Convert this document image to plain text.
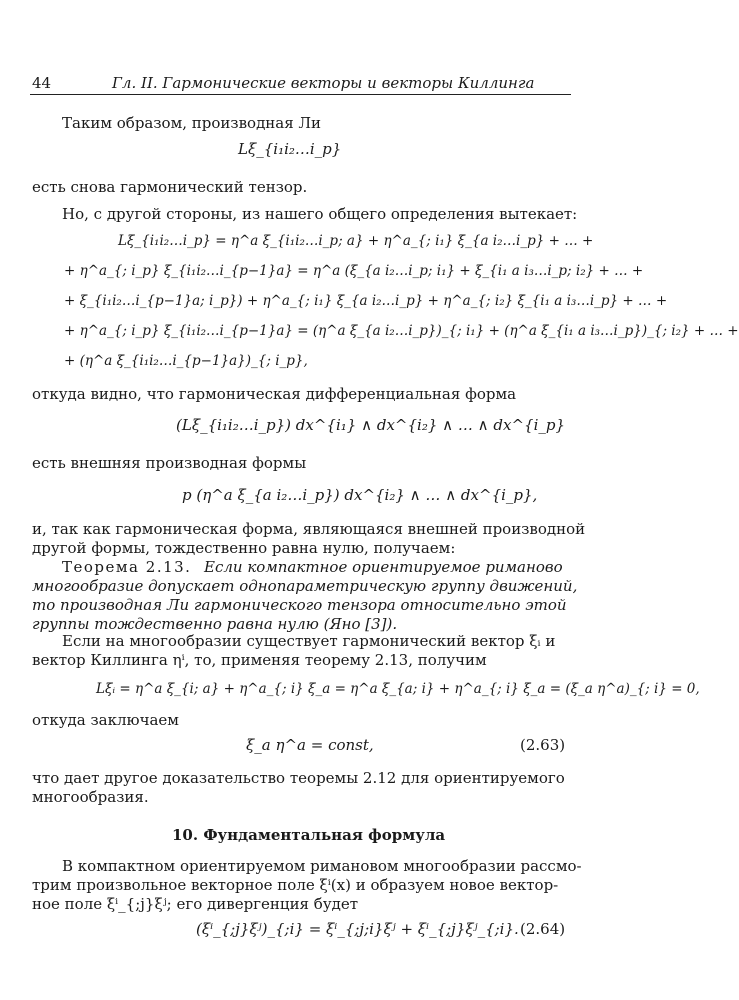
44	Гл. II. Гармонические векторы и векторы Киллинга
Таким образом, производная Ли
Lξ_{i₁i₂…i_p}
есть снова гармонический тензор.
Но, с другой стороны, из нашего общего определения вытекает:
Lξ_{i₁i₂…i_p} = η^a ξ_{i₁i₂…i_p; a} + η^a_{; i₁} ξ_{a i₂…i_p} + … +
+ η^a_{; i_p} ξ_{i₁i₂…i_{p−1}a} = η^a (ξ_{a i₂…i_p; i₁} + ξ_{i₁ a i₃…i_p; i₂} + … +
+ ξ_{i₁i₂…i_{p−1}a; i_p}) + η^a_{; i₁} ξ_{a i₂…i_p} + η^a_{; i₂} ξ_{i₁ a i₃…i_p} + … +
+ η^a_{; i_p} ξ_{i₁i₂…i_{p−1}a} = (η^a ξ_{a i₂…i_p})_{; i₁} + (η^a ξ_{i₁ a i₃…i_p})_{; i₂} + … +
+ (η^a ξ_{i₁i₂…i_{p−1}a})_{; i_p},
откуда видно, что гармоническая дифференциальная форма
(Lξ_{i₁i₂…i_p}) dx^{i₁} ∧ dx^{i₂} ∧ … ∧ dx^{i_p}
есть внешняя производная формы
p (η^a ξ_{a i₂…i_p}) dx^{i₂} ∧ … ∧ dx^{i_p},
и, так как гармоническая форма, являющаяся внешней производной
другой формы, тождественно равна нулю, получаем:
Теорема 2.13. Если компактное ориентируемое риманово
многообразие допускает однопараметрическую группу движений,
то производная Ли гармонического тензора относительно этой
группы тождественно равна нулю (Яно [3]).
Если на многообразии существует гармонический вектор ξᵢ и
вектор Киллинга ηⁱ, то, применяя теорему 2.13, получим
Lξᵢ = η^a ξ_{i; a} + η^a_{; i} ξ_a = η^a ξ_{a; i} + η^a_{; i} ξ_a = (ξ_a η^a)_{; i} = 0,
откуда заключаем
ξ_a η^a = const,	(2.63)
что дает другое доказательство теоремы 2.12 для ориентируемого
многообразия.
10. Фундаментальная формула
В компактном ориентируемом римановом многообразии рассмо-
трим произвольное векторное поле ξⁱ(x) и образуем новое вектор-
ное поле ξⁱ_{;j}ξʲ; его дивергенция будет
(ξⁱ_{;j}ξʲ)_{;i} = ξⁱ_{;j;i}ξʲ + ξⁱ_{;j}ξʲ_{;i}. (2.64)
